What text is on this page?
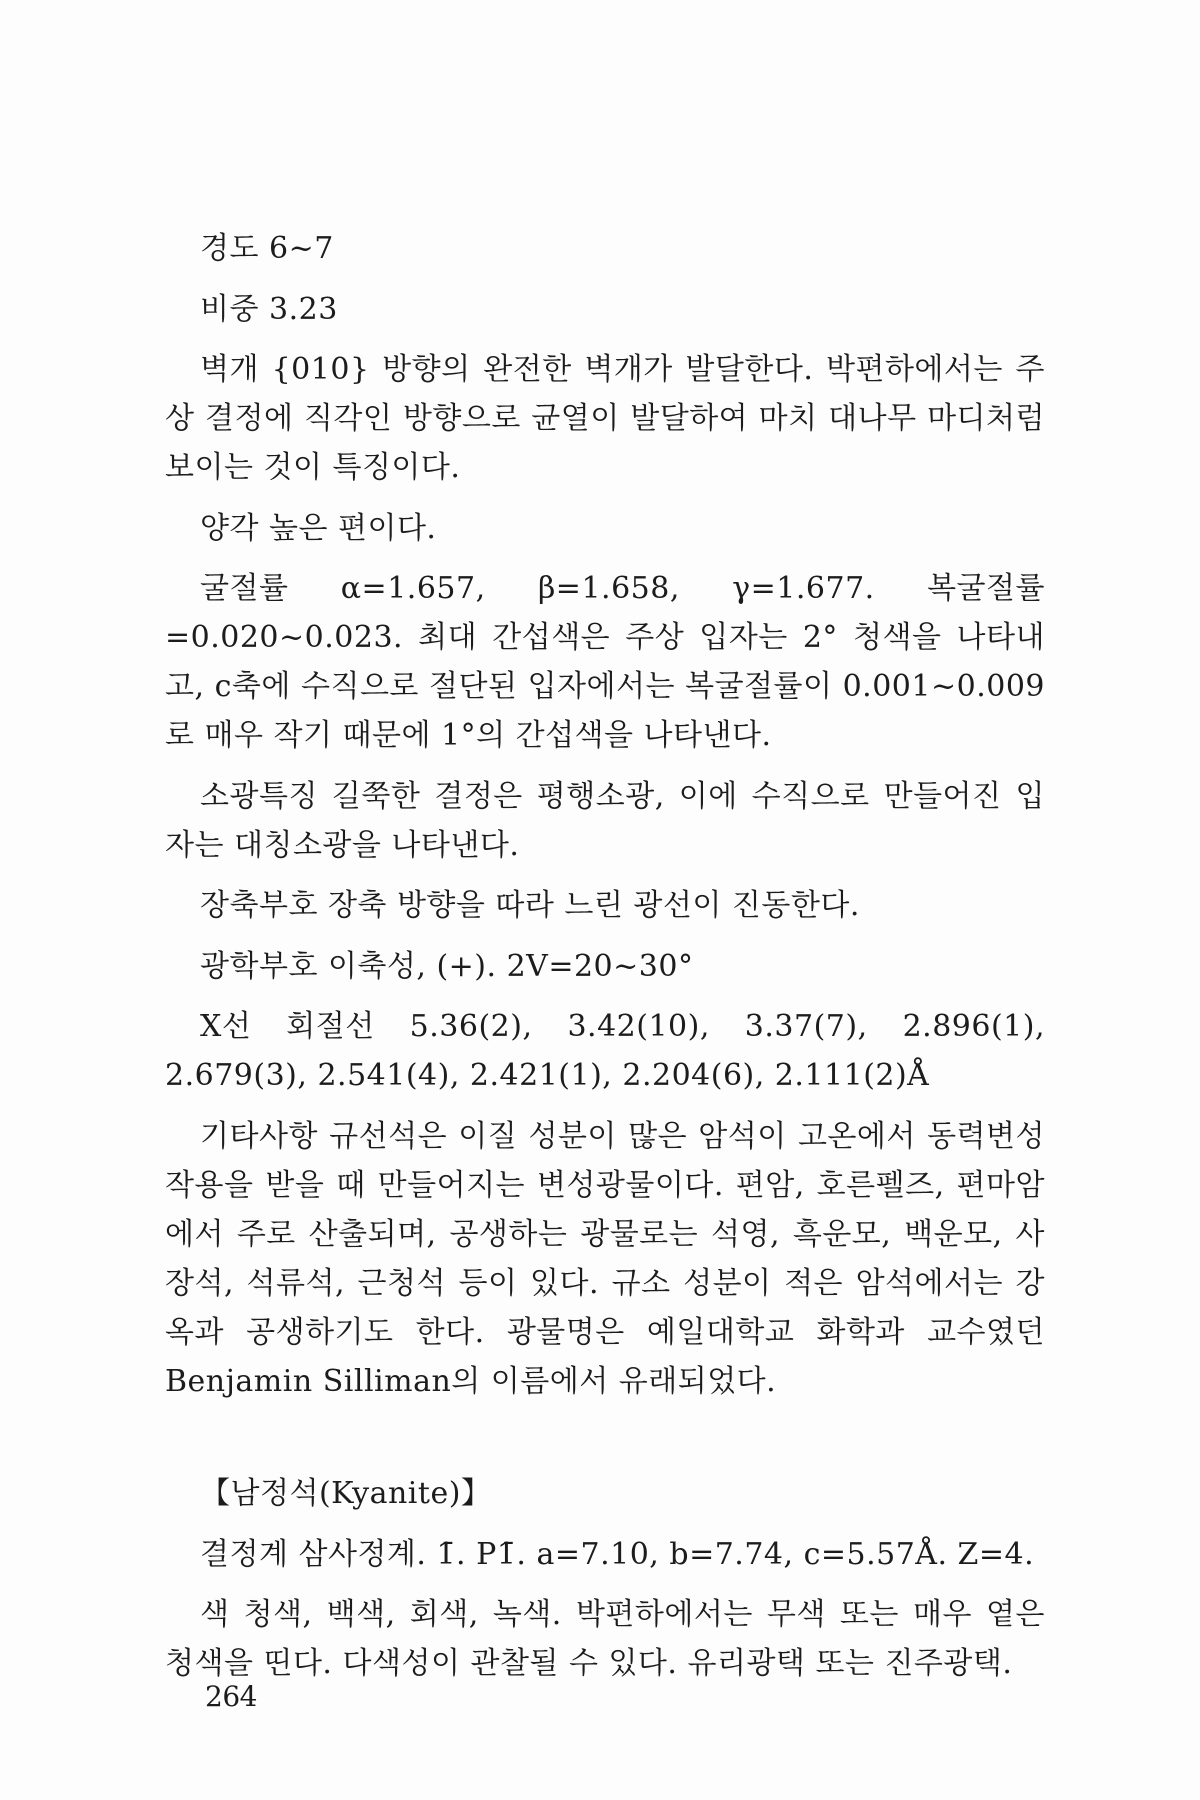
경도 6~7

비중 3.23

벽개 {010} 방향의 완전한 벽개가 발달한다. 박편하에서는 주상 결정에 직각인 방향으로 균열이 발달하여 마치 대나무 마디처럼 보이는 것이 특징이다.

양각 높은 편이다.

굴절률 α=1.657, β=1.658, γ=1.677. 복굴절률=0.020~0.023. 최대 간섭색은 주상 입자는 2° 청색을 나타내고, c축에 수직으로 절단된 입자에서는 복굴절률이 0.001~0.009로 매우 작기 때문에 1°의 간섭색을 나타낸다.

소광특징 길쭉한 결정은 평행소광, 이에 수직으로 만들어진 입자는 대칭소광을 나타낸다.

장축부호 장축 방향을 따라 느린 광선이 진동한다.

광학부호 이축성, (+). 2V=20~30°

X선 회절선 5.36(2), 3.42(10), 3.37(7), 2.896(1), 2.679(3), 2.541(4), 2.421(1), 2.204(6), 2.111(2)Å

기타사항 규선석은 이질 성분이 많은 암석이 고온에서 동력변성 작용을 받을 때 만들어지는 변성광물이다. 편암, 호른펠즈, 편마암에서 주로 산출되며, 공생하는 광물로는 석영, 흑운모, 백운모, 사장석, 석류석, 근청석 등이 있다. 규소 성분이 적은 암석에서는 강옥과 공생하기도 한다. 광물명은 예일대학교 화학과 교수였던 Benjamin Silliman의 이름에서 유래되었다.

【남정석(Kyanite)】

결정계 삼사정계. 1̄. P1̄. a=7.10, b=7.74, c=5.57Å. Z=4.

색 청색, 백색, 회색, 녹색. 박편하에서는 무색 또는 매우 옅은 청색을 띤다. 다색성이 관찰될 수 있다. 유리광택 또는 진주광택.

264
